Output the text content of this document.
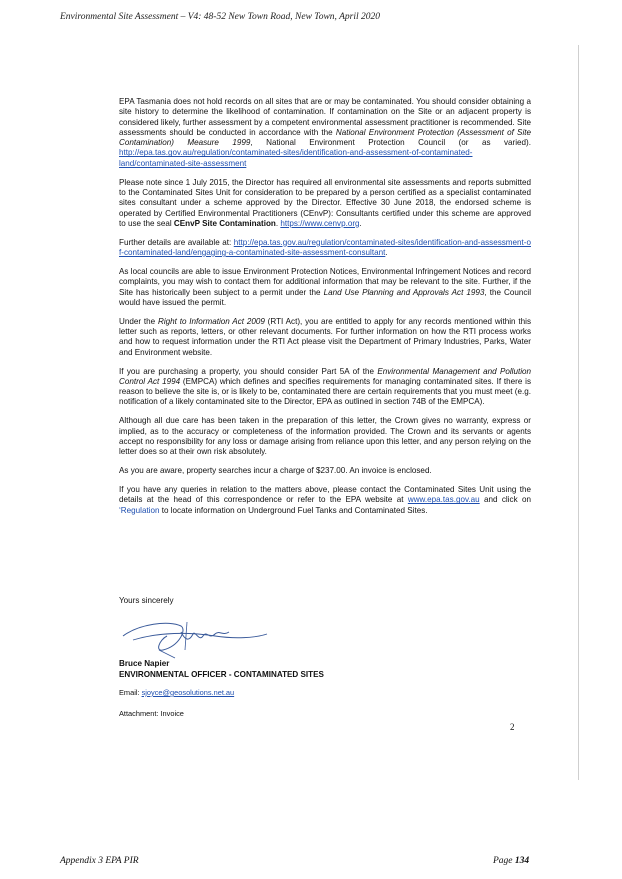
Environmental Site Assessment – V4: 48-52 New Town Road, New Town, April 2020

EPA Tasmania does not hold records on all sites that are or may be contaminated. You should consider obtaining a site history to determine the likelihood of contamination. If contamination on the Site or an adjacent property is considered likely, further assessment by a competent environmental assessment practitioner is recommended. Site assessments should be conducted in accordance with the National Environment Protection (Assessment of Site Contamination) Measure 1999, National Environment Protection Council (or as varied). http://epa.tas.gov.au/regulation/contaminated-sites/identification-and-assessment-of-contaminated-land/contaminated-site-assessment

Please note since 1 July 2015, the Director has required all environmental site assessments and reports submitted to the Contaminated Sites Unit for consideration to be prepared by a person certified as a specialist contaminated sites consultant under a scheme approved by the Director. Effective 30 June 2018, the endorsed scheme is operated by Certified Environmental Practitioners (CEnvP): Consultants certified under this scheme are approved to use the seal CEnvP Site Contamination. https://www.cenvp.org.

Further details are available at: http://epa.tas.gov.au/regulation/contaminated-sites/identification-and-assessment-of-contaminated-land/engaging-a-contaminated-site-assessment-consultant.

As local councils are able to issue Environment Protection Notices, Environmental Infringement Notices and record complaints, you may wish to contact them for additional information that may be relevant to the site. Further, if the Site has historically been subject to a permit under the Land Use Planning and Approvals Act 1993, the Council would have issued the permit.

Under the Right to Information Act 2009 (RTI Act), you are entitled to apply for any records mentioned within this letter such as reports, letters, or other relevant documents. For further information on how the RTI process works and how to request information under the RTI Act please visit the Department of Primary Industries, Parks, Water and Environment website.

If you are purchasing a property, you should consider Part 5A of the Environmental Management and Pollution Control Act 1994 (EMPCA) which defines and specifies requirements for managing contaminated sites. If there is reason to believe the site is, or is likely to be, contaminated there are certain requirements that you must meet (e.g. notification of a likely contaminated site to the Director, EPA as outlined in section 74B of the EMPCA).

Although all due care has been taken in the preparation of this letter, the Crown gives no warranty, express or implied, as to the accuracy or completeness of the information provided. The Crown and its servants or agents accept no responsibility for any loss or damage arising from reliance upon this letter, and any person relying on the letter does so at their own risk absolutely.

As you are aware, property searches incur a charge of $237.00. An invoice is enclosed.

If you have any queries in relation to the matters above, please contact the Contaminated Sites Unit using the details at the head of this correspondence or refer to the EPA website at www.epa.tas.gov.au and click on ‘Regulation to locate information on Underground Fuel Tanks and Contaminated Sites.

Yours sincerely
Bruce Napier
ENVIRONMENTAL OFFICER - CONTAMINATED SITES
Email: sjoyce@geosolutions.net.au
Attachment: Invoice
2
Appendix 3 EPA PIR	Page 134
